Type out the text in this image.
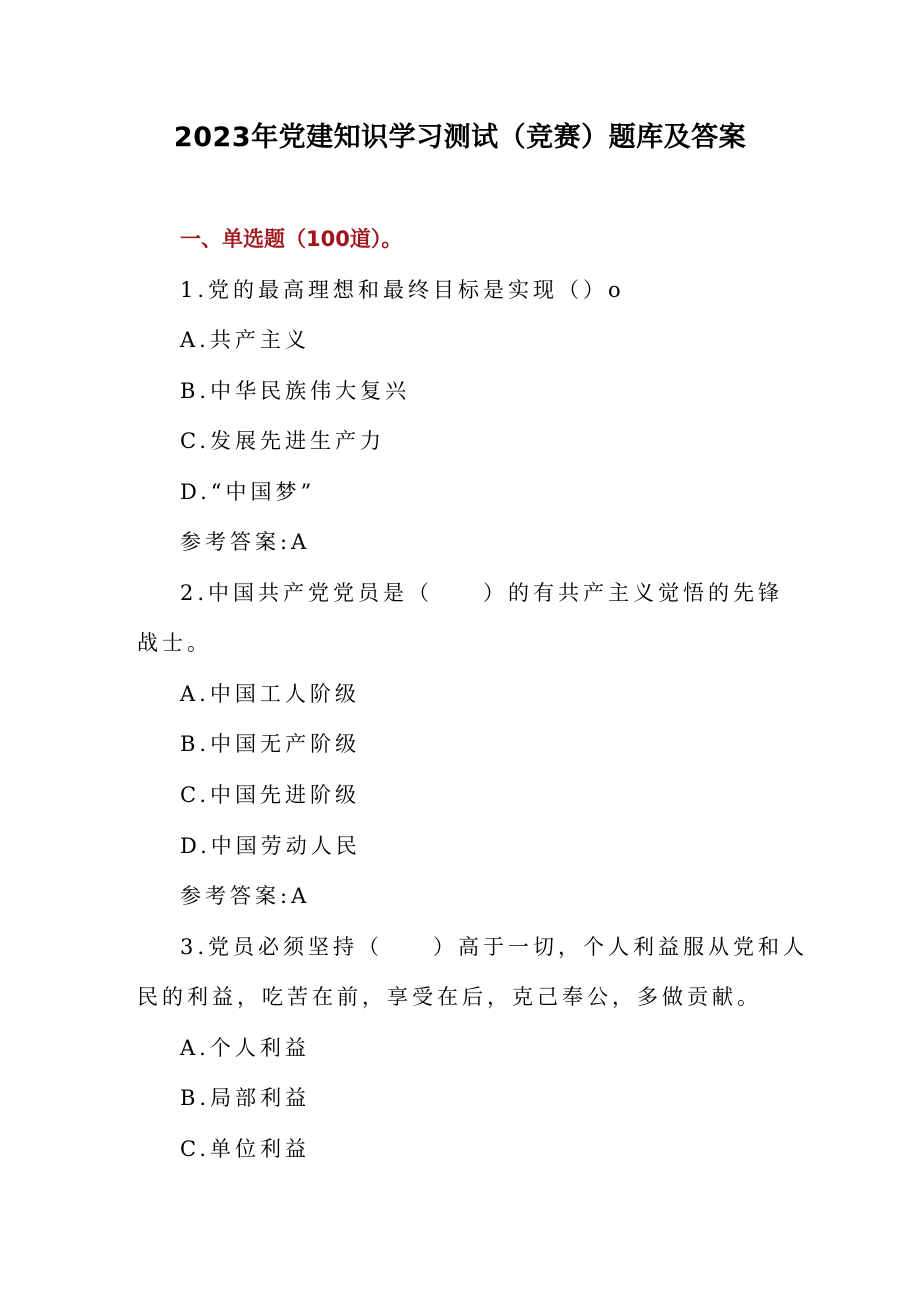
2023年党建知识学习测试（竞赛）题库及答案
一、单选题（100道）。
1.党的最高理想和最终目标是实现（）o
A.共产主义
B.中华民族伟大复兴
C.发展先进生产力
D.“中国梦”
参考答案:A
2.中国共产党党员是（　　）的有共产主义觉悟的先锋
战士。
A.中国工人阶级
B.中国无产阶级
C.中国先进阶级
D.中国劳动人民
参考答案:A
3.党员必须坚持（　　）高于一切，个人利益服从党和人
民的利益，吃苦在前，享受在后，克己奉公，多做贡献。
A.个人利益
B.局部利益
C.单位利益
